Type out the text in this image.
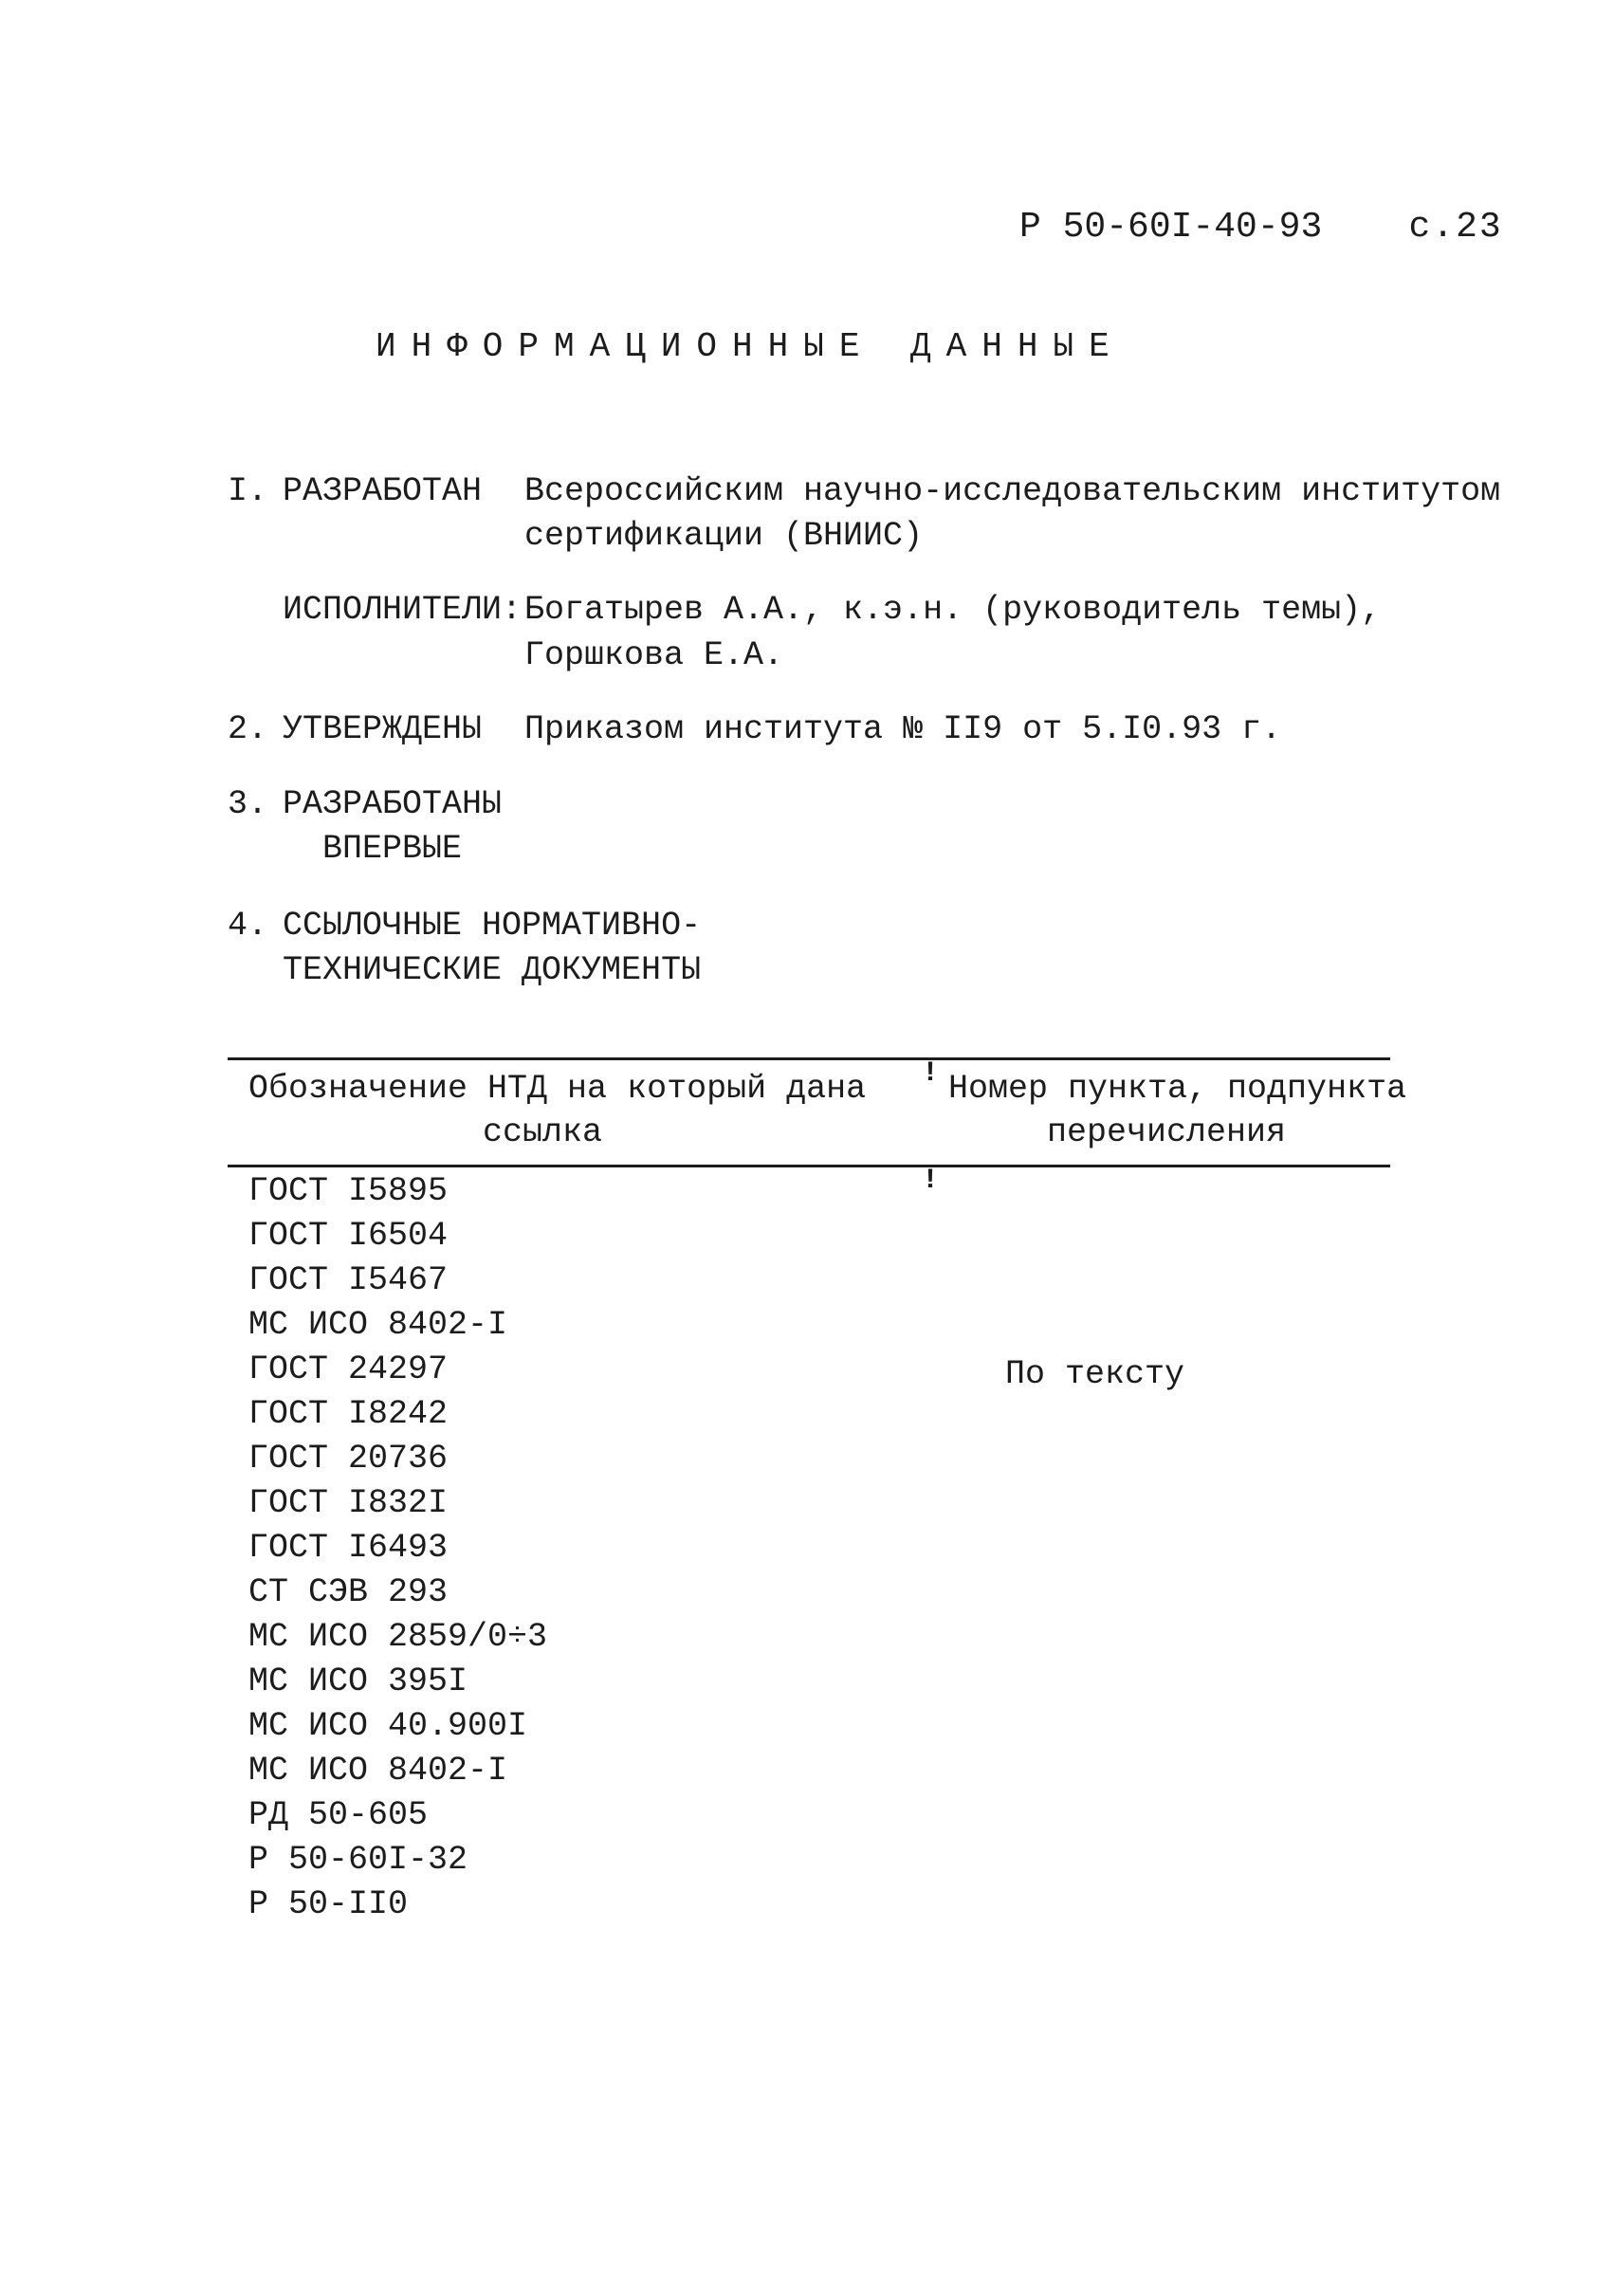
Р 50-60I-40-93 с.23
ИНФОРМАЦИОННЫЕ ДАННЫЕ
I. РАЗРАБОТАН Всероссийским научно-исследовательским институтом
сертификации (ВНИИС)
ИСПОЛНИТЕЛИ: Богатырев А.А., к.э.н. (руководитель темы),
Горшкова Е.А.
2. УТВЕРЖДЕНЫ Приказом института № II9 от 5.I0.93 г.
3. РАЗРАБОТАНЫ
ВПЕРВЫЕ
4. ССЫЛОЧНЫЕ НОРМАТИВНО-
ТЕХНИЧЕСКИЕ ДОКУМЕНТЫ
!
Обозначение НТД на который дана
ссылка
Номер пункта, подпункта
перечисления
!
ГОСТ I5895
ГОСТ I6504
ГОСТ I5467
МС ИСО 8402-I
ГОСТ 24297
ГОСТ I8242
ГОСТ 20736
ГОСТ I832I
ГОСТ I6493
СТ СЭВ 293
МС ИСО 2859/0÷3
МС ИСО 395I
МС ИСО 40.900I
МС ИСО 8402-I
РД 50-605
Р 50-60I-32
Р 50-II0
По тексту
